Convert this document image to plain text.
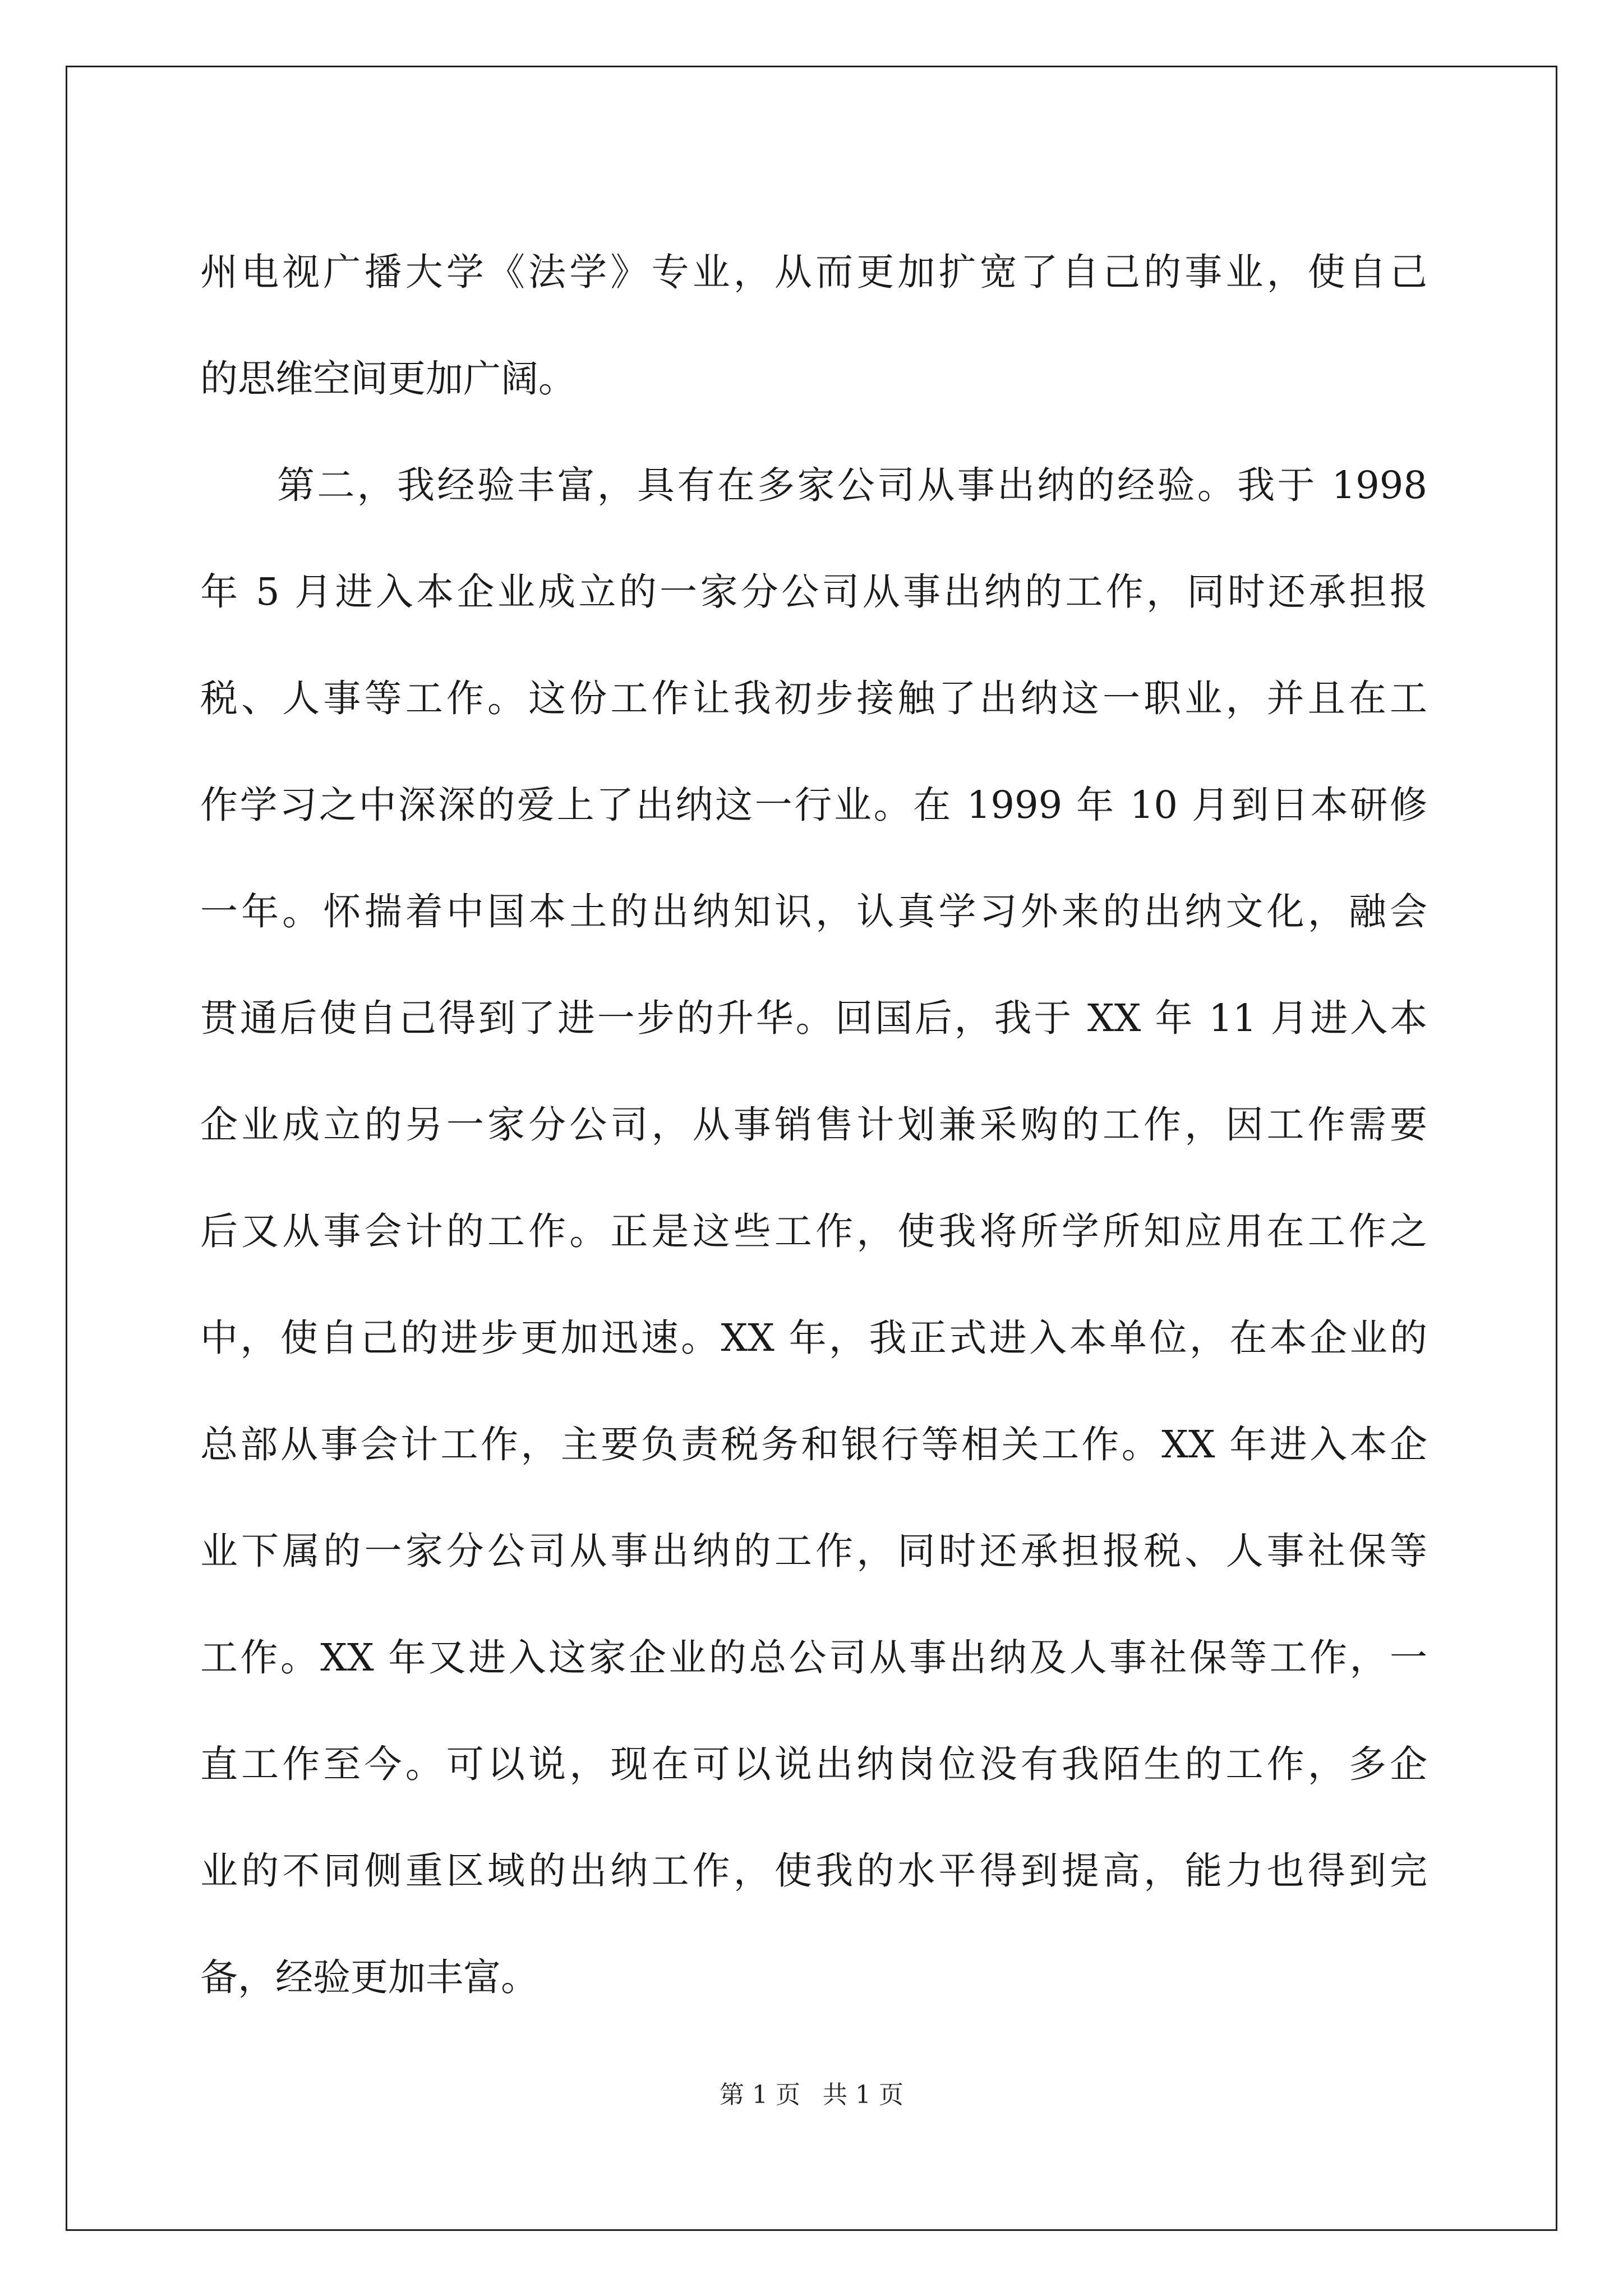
州电视广播大学《法学》专业，从而更加扩宽了自己的事业，使自己
的思维空间更加广阔。
第二，我经验丰富，具有在多家公司从事出纳的经验。我于 1998
年 5 月进入本企业成立的一家分公司从事出纳的工作，同时还承担报
税、人事等工作。这份工作让我初步接触了出纳这一职业，并且在工
作学习之中深深的爱上了出纳这一行业。在 1999 年 10 月到日本研修
一年。怀揣着中国本土的出纳知识，认真学习外来的出纳文化，融会
贯通后使自己得到了进一步的升华。回国后，我于 XX 年 11 月进入本
企业成立的另一家分公司，从事销售计划兼采购的工作，因工作需要
后又从事会计的工作。正是这些工作，使我将所学所知应用在工作之
中，使自己的进步更加迅速。XX 年，我正式进入本单位，在本企业的
总部从事会计工作，主要负责税务和银行等相关工作。XX 年进入本企
业下属的一家分公司从事出纳的工作，同时还承担报税、人事社保等
工作。XX 年又进入这家企业的总公司从事出纳及人事社保等工作，一
直工作至今。可以说，现在可以说出纳岗位没有我陌生的工作，多企
业的不同侧重区域的出纳工作，使我的水平得到提高，能力也得到完
备，经验更加丰富。
第 1 页 共 1 页
